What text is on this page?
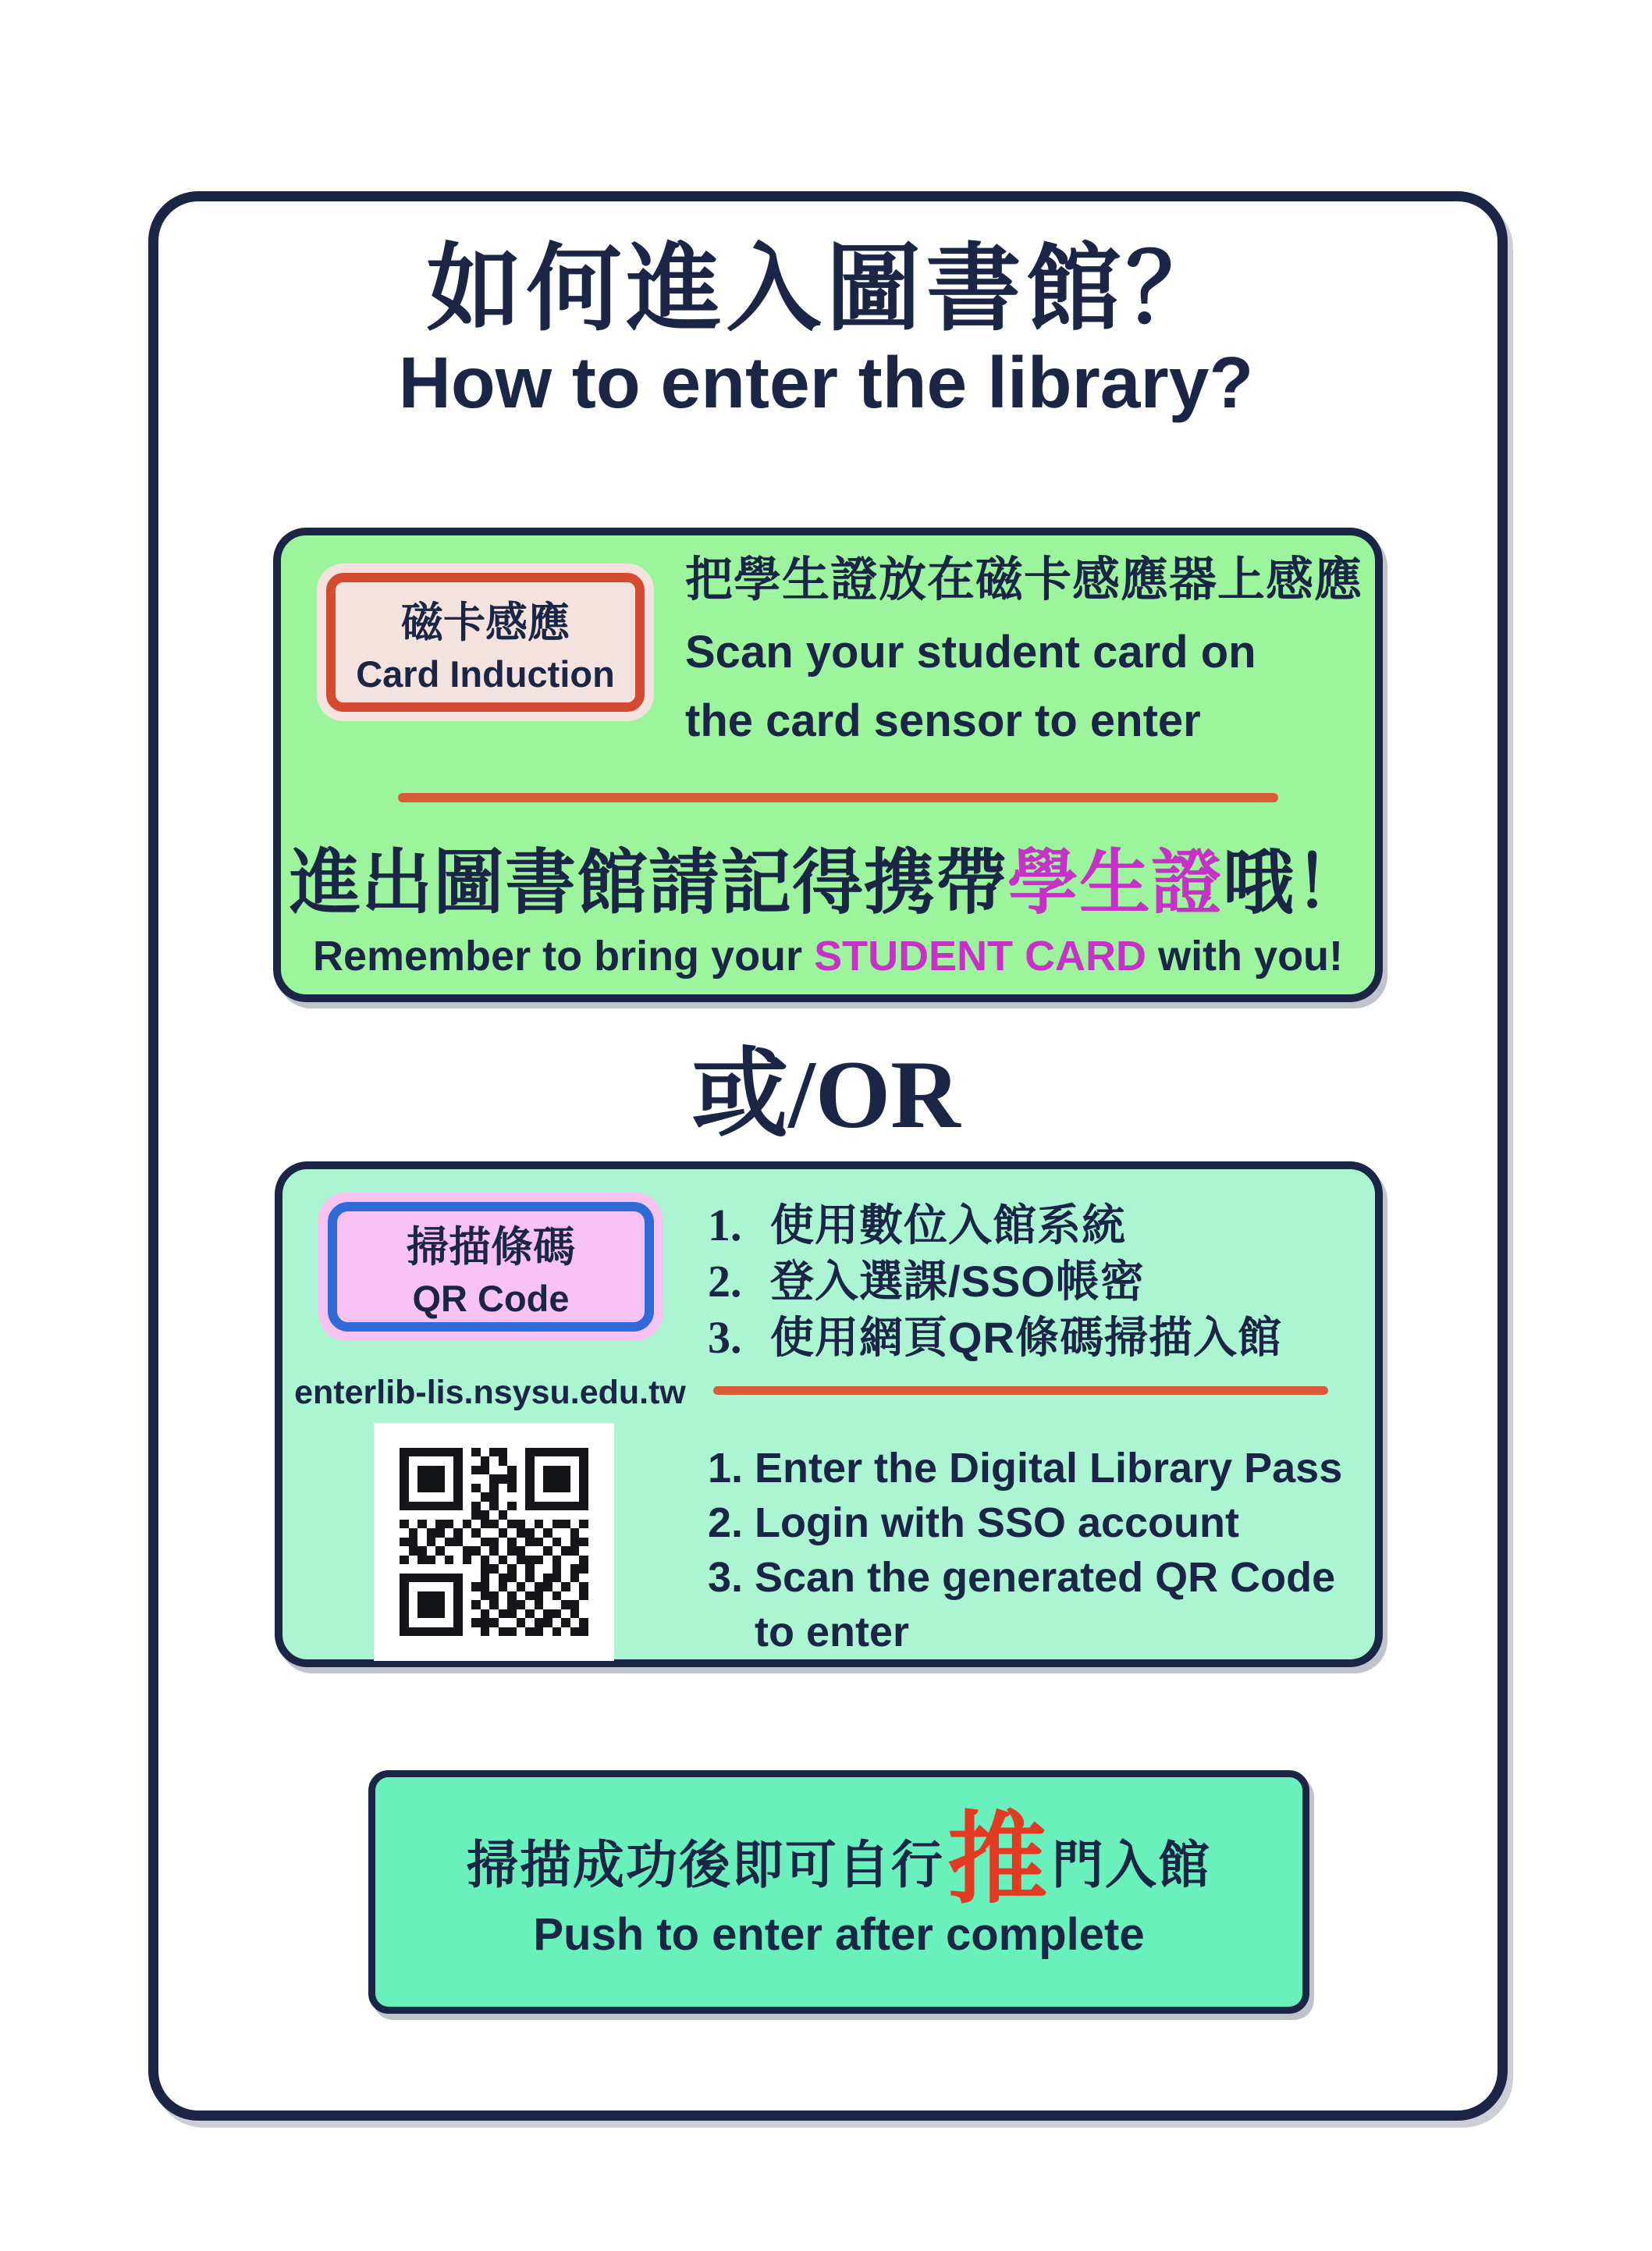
如何進入圖書館？
How to enter the library?
磁卡感應
Card Induction
把學生證放在磁卡感應器上感應
Scan your student card on
the card sensor to enter
進出圖書館請記得携帶學生證哦！
Remember to bring your STUDENT CARD with you!
或/OR
掃描條碼
QR Code
1. 使用數位入館系統
2. 登入選課/SSO帳密
3. 使用網頁QR條碼掃描入館
enterlib-lis.nsysu.edu.tw
1. Enter the Digital Library Pass
2. Login with SSO account
3. Scan the generated QR Code
to enter
掃描成功後即可自行推門入館
Push to enter after complete
